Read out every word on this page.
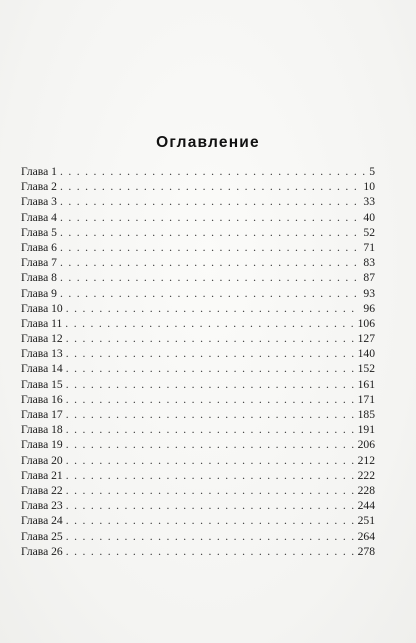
Оглавление
Глава 1 . . .	5
Глава 2 . . .	10
Глава 3 . . .	33
Глава 4 . . .	40
Глава 5 . . .	52
Глава 6 . . .	71
Глава 7 . . .	83
Глава 8 . . .	87
Глава 9 . . .	93
Глава 10 . . .	96
Глава 11 . . .	106
Глава 12 . . .	127
Глава 13 . . .	140
Глава 14 . . .	152
Глава 15 . . .	161
Глава 16 . . .	171
Глава 17 . . .	185
Глава 18 . . .	191
Глава 19 . . .	206
Глава 20 . . .	212
Глава 21 . . .	222
Глава 22 . . .	228
Глава 23 . . .	244
Глава 24 . . .	251
Глава 25 . . .	264
Глава 26 . . .	278
